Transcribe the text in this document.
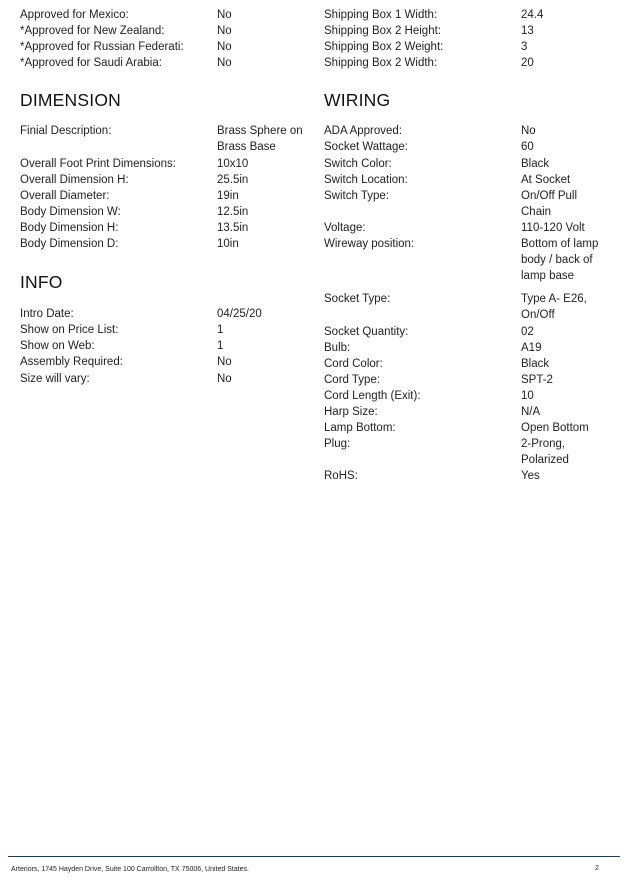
Approved for Mexico:	No
*Approved for New Zealand:	No
*Approved for Russian Federati:	No
*Approved for Saudi Arabia:	No
DIMENSION
Finial Description:	Brass Sphere on Brass Base
Overall Foot Print Dimensions:	10x10
Overall Dimension H:	25.5in
Overall Diameter:	19in
Body Dimension W:	12.5in
Body Dimension H:	13.5in
Body Dimension D:	10in
INFO
Intro Date:	04/25/20
Show on Price List:	1
Show on Web:	1
Assembly Required:	No
Size will vary:	No
Shipping Box 1 Width:	24.4
Shipping Box 2 Height:	13
Shipping Box 2 Weight:	3
Shipping Box 2 Width:	20
WIRING
ADA Approved:	No
Socket Wattage:	60
Switch Color:	Black
Switch Location:	At Socket
Switch Type:	On/Off Pull Chain
Voltage:	110-120 Volt
Wireway position:	Bottom of lamp body / back of lamp base
Socket Type:	Type A- E26, On/Off
Socket Quantity:	02
Bulb:	A19
Cord Color:	Black
Cord Type:	SPT-2
Cord Length (Exit):	10
Harp Size:	N/A
Lamp Bottom:	Open Bottom
Plug:	2-Prong, Polarized
RoHS:	Yes
Arteriors, 1745 Hayden Drive, Suite 100 Carrollton, TX 75006, United States.	2
